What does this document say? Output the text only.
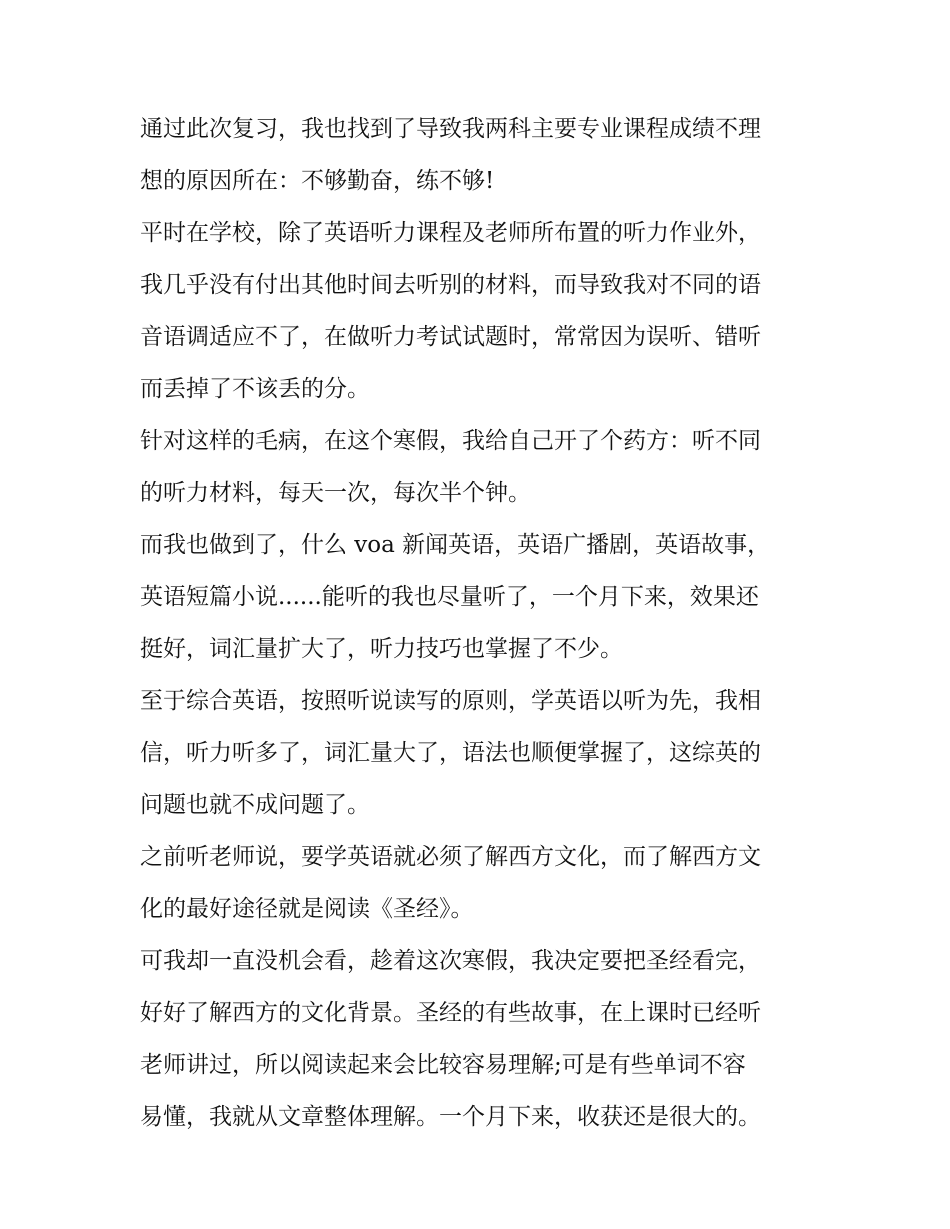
通过此次复习，我也找到了导致我两科主要专业课程成绩不理
想的原因所在：不够勤奋，练不够!

平时在学校，除了英语听力课程及老师所布置的听力作业外，
我几乎没有付出其他时间去听别的材料，而导致我对不同的语
音语调适应不了，在做听力考试试题时，常常因为误听、错听
而丢掉了不该丢的分。

针对这样的毛病，在这个寒假，我给自己开了个药方：听不同
的听力材料，每天一次，每次半个钟。

而我也做到了，什么 voa 新闻英语，英语广播剧，英语故事，
英语短篇小说......能听的我也尽量听了，一个月下来，效果还
挺好，词汇量扩大了，听力技巧也掌握了不少。

至于综合英语，按照听说读写的原则，学英语以听为先，我相
信，听力听多了，词汇量大了，语法也顺便掌握了，这综英的
问题也就不成问题了。

之前听老师说，要学英语就必须了解西方文化，而了解西方文
化的最好途径就是阅读《圣经》。

可我却一直没机会看，趁着这次寒假，我决定要把圣经看完，
好好了解西方的文化背景。圣经的有些故事，在上课时已经听
老师讲过，所以阅读起来会比较容易理解;可是有些单词不容
易懂，我就从文章整体理解。一个月下来，收获还是很大的。
